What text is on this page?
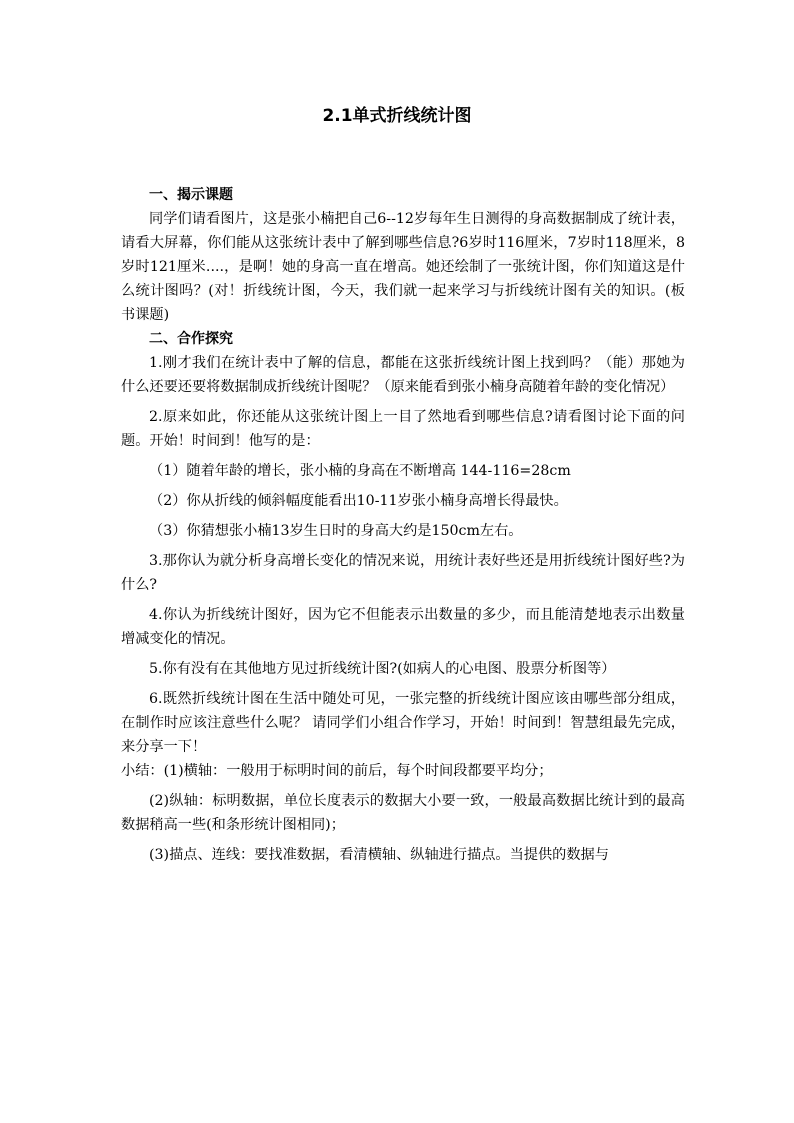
2.1单式折线统计图
一、揭示课题

同学们请看图片，这是张小楠把自己6--12岁每年生日测得的身高数据制成了统计表，请看大屏幕，你们能从这张统计表中了解到哪些信息?6岁时116厘米，7岁时118厘米，8岁时121厘米....，是啊！她的身高一直在增高。她还绘制了一张统计图，你们知道这是什么统计图吗？(对！折线统计图，今天，我们就一起来学习与折线统计图有关的知识。(板书课题)

二、合作探究

1.刚才我们在统计表中了解的信息，都能在这张折线统计图上找到吗？（能）那她为什么还要还要将数据制成折线统计图呢？（原来能看到张小楠身高随着年龄的变化情况）

2.原来如此，你还能从这张统计图上一目了然地看到哪些信息?请看图讨论下面的问题。开始！时间到！他写的是：

（1）随着年龄的增长，张小楠的身高在不断增高 144-116=28cm

（2）你从折线的倾斜幅度能看出10-11岁张小楠身高增长得最快。

（3）你猜想张小楠13岁生日时的身高大约是150cm左右。

3.那你认为就分析身高增长变化的情况来说，用统计表好些还是用折线统计图好些?为什么?

4.你认为折线统计图好，因为它不但能表示出数量的多少，而且能清楚地表示出数量增减变化的情况。

5.你有没有在其他地方见过折线统计图?(如病人的心电图、股票分析图等）

6.既然折线统计图在生活中随处可见，一张完整的折线统计图应该由哪些部分组成，在制作时应该注意些什么呢？ 请同学们小组合作学习，开始！时间到！智慧组最先完成，来分享一下！

小结：(1)横轴：一般用于标明时间的前后，每个时间段都要平均分；

(2)纵轴：标明数据，单位长度表示的数据大小要一致，一般最高数据比统计到的最高数据稍高一些(和条形统计图相同)；

(3)描点、连线：要找准数据，看清横轴、纵轴进行描点。当提供的数据与
